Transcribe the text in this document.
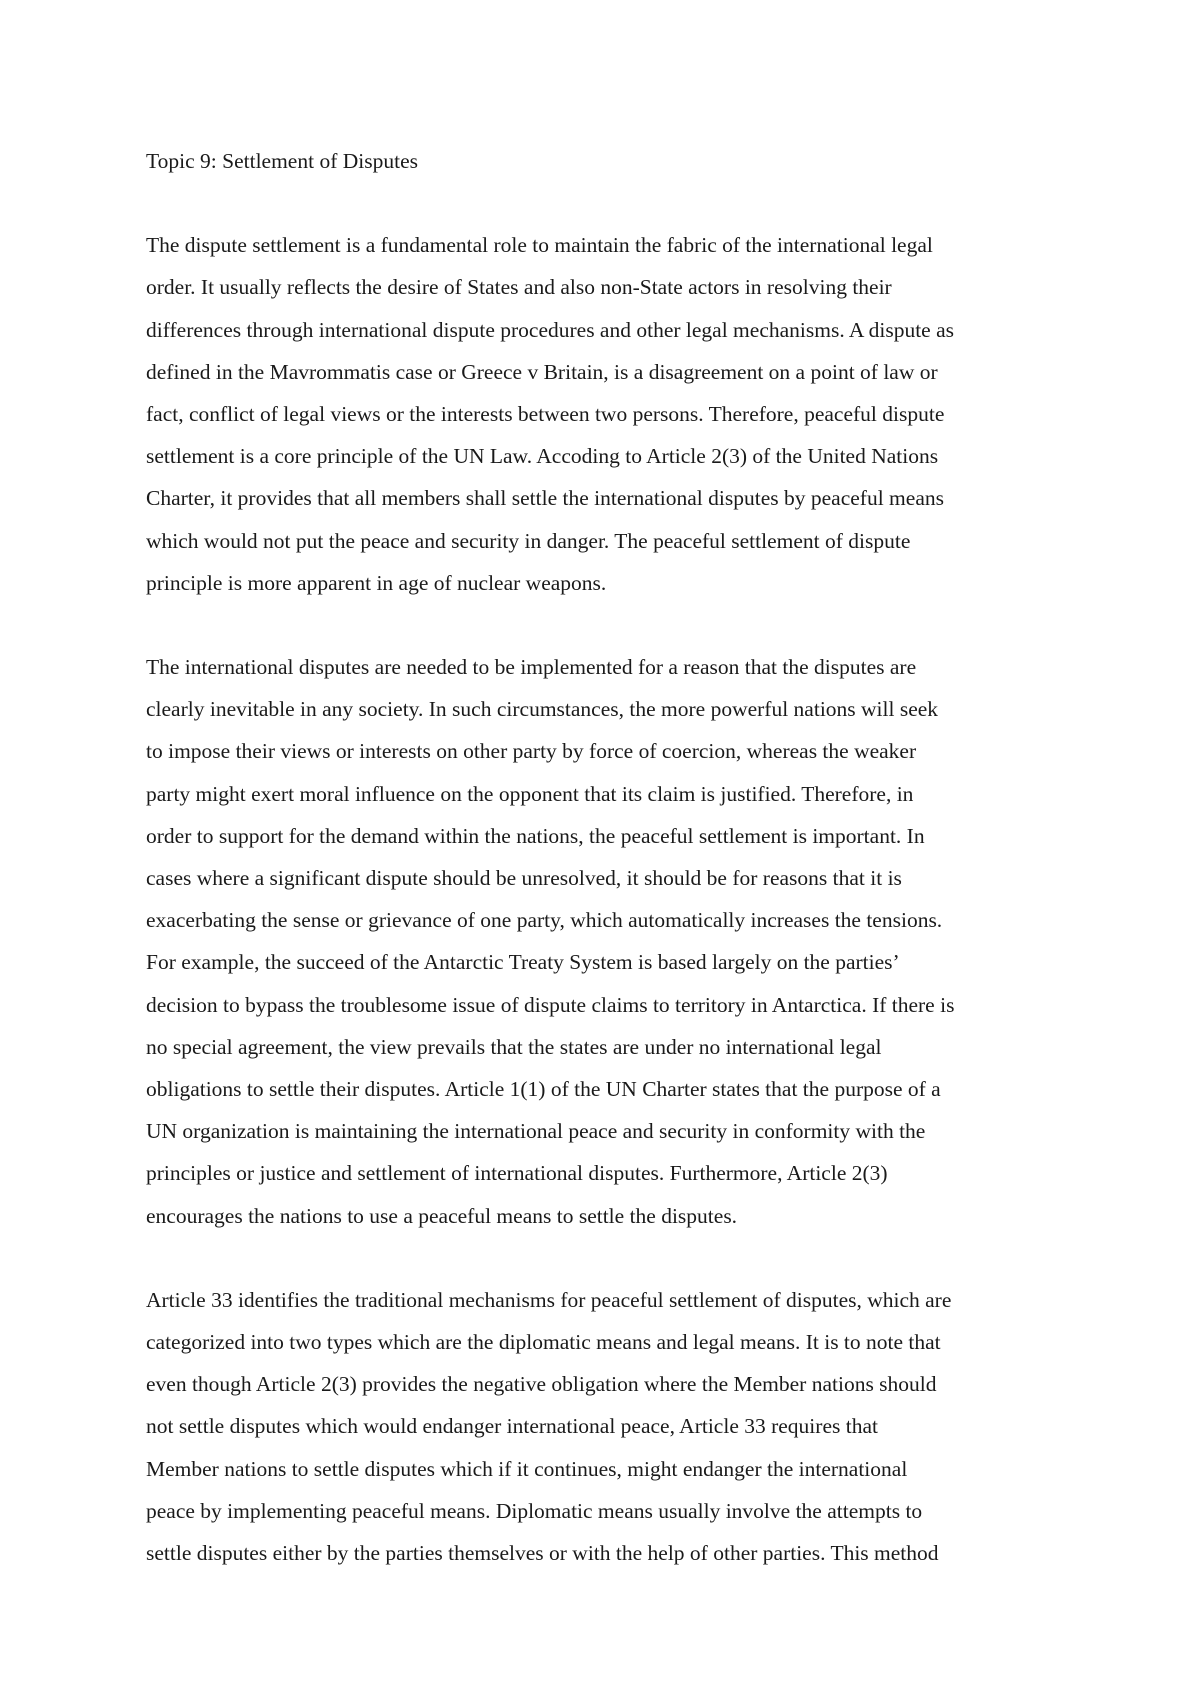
Topic 9: Settlement of Disputes

The dispute settlement is a fundamental role to maintain the fabric of the international legal
order. It usually reflects the desire of States and also non-State actors in resolving their
differences through international dispute procedures and other legal mechanisms. A dispute as
defined in the Mavrommatis case or Greece v Britain, is a disagreement on a point of law or
fact, conflict of legal views or the interests between two persons. Therefore, peaceful dispute
settlement is a core principle of the UN Law. Accoding to Article 2(3) of the United Nations
Charter, it provides that all members shall settle the international disputes by peaceful means
which would not put the peace and security in danger. The peaceful settlement of dispute
principle is more apparent in age of nuclear weapons.

The international disputes are needed to be implemented for a reason that the disputes are
clearly inevitable in any society. In such circumstances, the more powerful nations will seek
to impose their views or interests on other party by force of coercion, whereas the weaker
party might exert moral influence on the opponent that its claim is justified. Therefore, in
order to support for the demand within the nations, the peaceful settlement is important. In
cases where a significant dispute should be unresolved, it should be for reasons that it is
exacerbating the sense or grievance of one party, which automatically increases the tensions.
For example, the succeed of the Antarctic Treaty System is based largely on the parties’
decision to bypass the troublesome issue of dispute claims to territory in Antarctica. If there is
no special agreement, the view prevails that the states are under no international legal
obligations to settle their disputes. Article 1(1) of the UN Charter states that the purpose of a
UN organization is maintaining the international peace and security in conformity with the
principles or justice and settlement of international disputes. Furthermore, Article 2(3)
encourages the nations to use a peaceful means to settle the disputes.

Article 33 identifies the traditional mechanisms for peaceful settlement of disputes, which are
categorized into two types which are the diplomatic means and legal means. It is to note that
even though Article 2(3) provides the negative obligation where the Member nations should
not settle disputes which would endanger international peace, Article 33 requires that
Member nations to settle disputes which if it continues, might endanger the international
peace by implementing peaceful means. Diplomatic means usually involve the attempts to
settle disputes either by the parties themselves or with the help of other parties. This method
